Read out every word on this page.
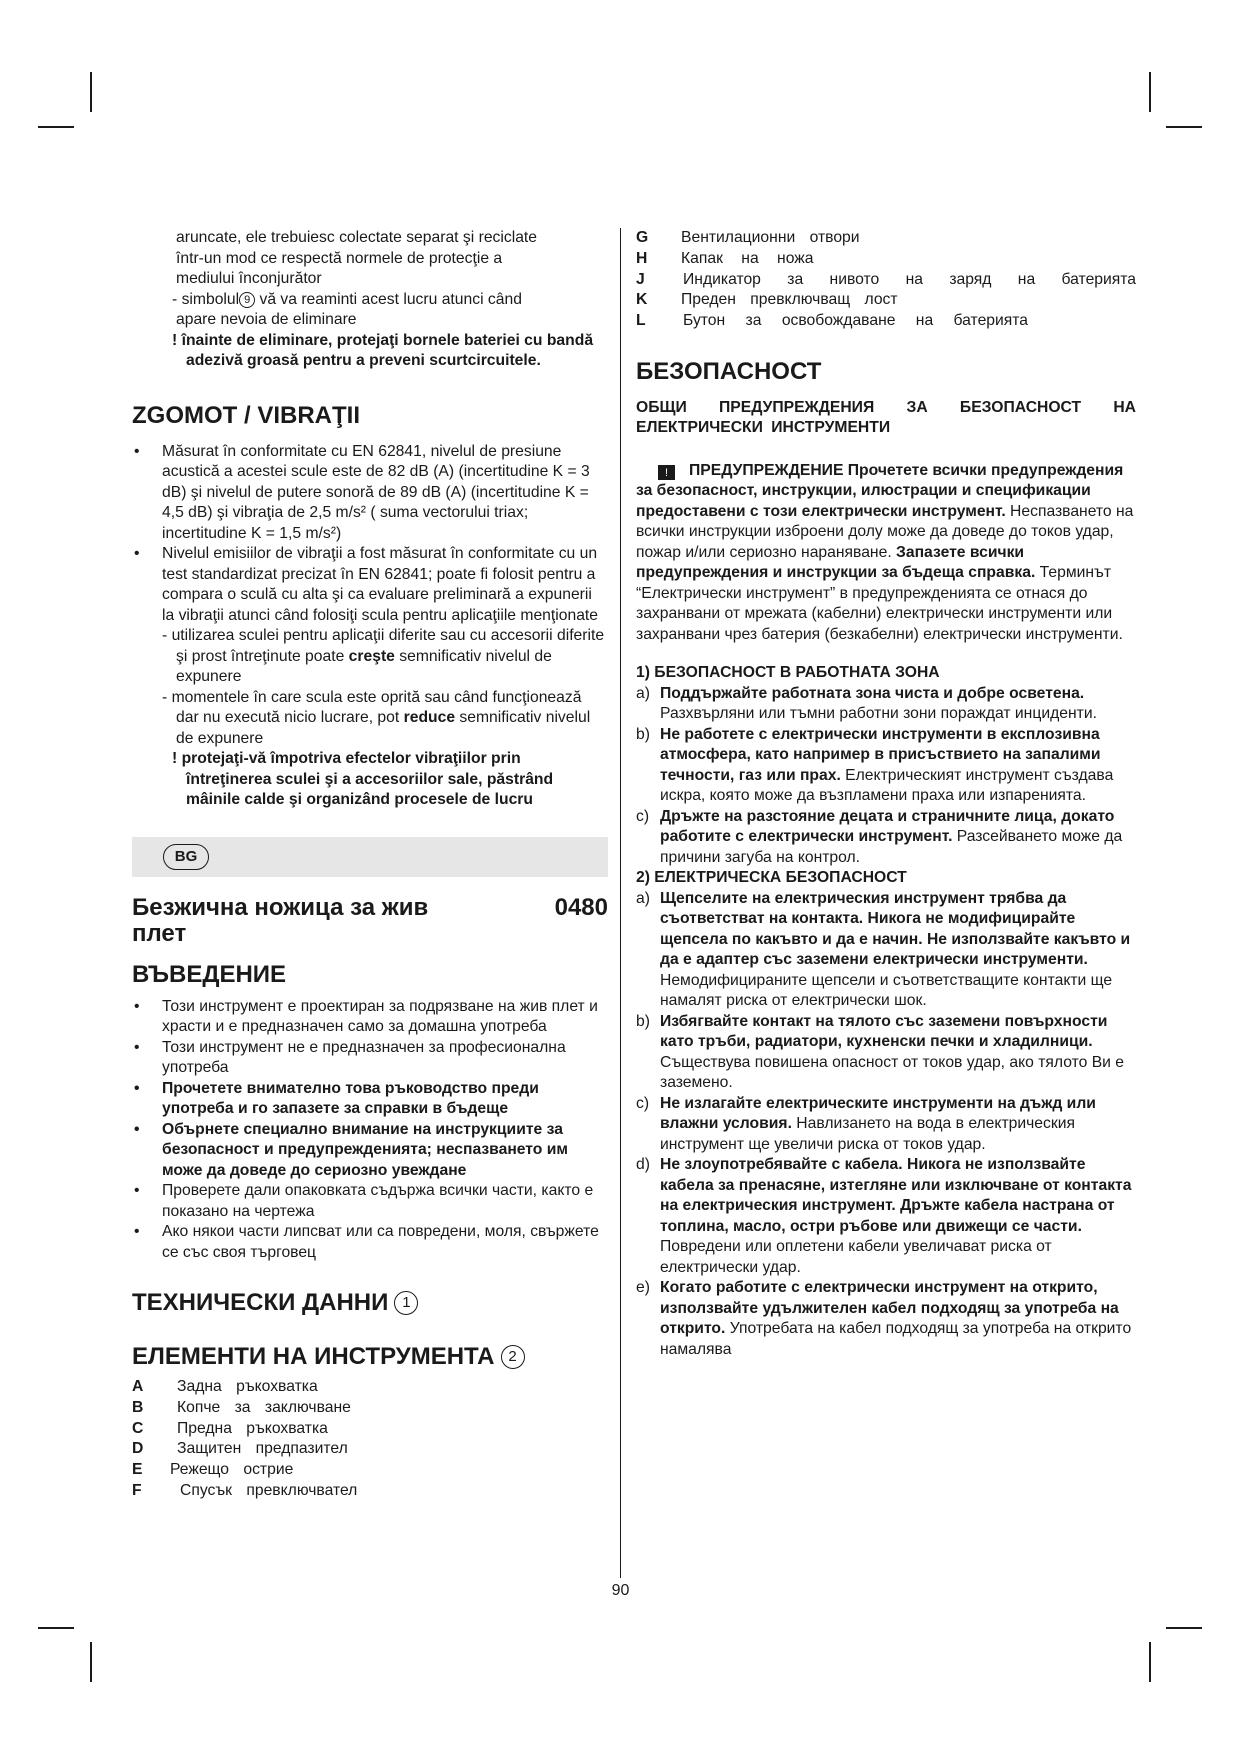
aruncate, ele trebuiesc colectate separat şi reciclate

într-un mod ce respectă normele de protecţie a

mediului înconjurător

- simbolul 9 vă va reaminti acest lucru atunci când

apare nevoia de eliminare

! înainte de eliminare, protejaţi bornele bateriei cu bandă adezivă groasă pentru a preveni scurtcircuitele.

ZGOMOT / VIBRAŢII

• Măsurat în conformitate cu EN 62841, nivelul de presiune acustică a acestei scule este de 82 dB (A) (incertitudine K = 3 dB) şi nivelul de putere sonoră de 89 dB (A) (incertitudine K = 4,5 dB) şi vibraţia de 2,5 m/s² ( suma vectorului triax; incertitudine K = 1,5 m/s²)

• Nivelul emisiilor de vibraţii a fost măsurat în conformitate cu un test standardizat precizat în EN 62841; poate fi folosit pentru a compara o sculă cu alta şi ca evaluare preliminară a expunerii la vibraţii atunci când folosiţi scula pentru aplicaţiile menţionate

- utilizarea sculei pentru aplicaţii diferite sau cu accesorii diferite şi prost întreţinute poate creşte semnificativ nivelul de expunere

- momentele în care scula este oprită sau când funcţionează dar nu execută nicio lucrare, pot reduce semnificativ nivelul de expunere

! protejaţi-vă împotriva efectelor vibraţiilor prin întreţinerea sculei şi a accesoriilor sale, păstrând mâinile calde şi organizând procesele de lucru

BG
Безжична ножица за жив плет
0480
ВЪВЕДЕНИЕ

• Този инструмент е проектиран за подрязване на жив плет и храсти и е предназначен само за домашна употреба

• Този инструмент не е предназначен за професионална употреба

• Прочетете внимателно това ръководство преди употреба и го запазете за справки в бъдеще

• Обърнете специално внимание на инструкциите за безопасност и предупрежденията; неспазването им може да доведе до сериозно увеждане

• Проверете дали опаковката съдържа всички части, както е показано на чертежа

• Ако някои части липсват или са повредени, моля, свържете се със своя търговец

ТЕХНИЧЕСКИ ДАННИ 1
ЕЛЕМЕНТИ НА ИНСТРУМЕНТА 2
A	Задна ръкохватка
B	Копче за заключване
C	Предна ръкохватка
D	Защитен предпазител
E	Режещо острие
F	Спусък превключвател
G	Вентилационни отвори
H	Капак на ножа
J	Индикатор за нивото на заряд на батерията
K	Преден превключващ лост
L	Бутон за освобождаване на батерията
БЕЗОПАСНОСТ

ОБЩИ ПРЕДУПРЕЖДЕНИЯ ЗА БЕЗОПАСНОСТ НА ЕЛЕКТРИЧЕСКИ ИНСТРУМЕНТИ

! ПРЕДУПРЕЖДЕНИЕ Прочетете всички предупреждения за безопасност, инструкции, илюстрации и спецификации предоставени с този електрически инструмент. Неспазването на всички инструкции изброени долу може да доведе до токов удар, пожар и/или сериозно нараняване. Запазете всички предупреждения и инструкции за бъдеща справка. Терминът “Електрически инструмент” в предупрежденията се отнася до захранвани от мрежата (кабелни) електрически инструменти или захранвани чрез батерия (безкабелни) електрически инструменти.

1) БЕЗОПАСНОСТ В РАБОТНАТА ЗОНА

a) Поддържайте работната зона чиста и добре осветена. Разхвърляни или тъмни работни зони пораждат инциденти.
b) Не работете с електрически инструменти в експлозивна атмосфера, като например в присъствието на запалими течности, газ или прах. Електрическият инструмент създава искра, която може да възпламени праха или изпаренията.
c) Дръжте на разстояние децата и страничните лица, докато работите с електрически инструмент. Разсейването може да причини загуба на контрол.

2) ЕЛЕКТРИЧЕСКА БЕЗОПАСНОСТ

a) Щепселите на електрическия инструмент трябва да съответстват на контакта. Никога не модифицирайте щепсела по какъвто и да е начин. Не използвайте какъвто и да е адаптер със заземени електрически инструменти. Немодифицираните щепсели и съответстващите контакти ще намалят риска от електрически шок.
b) Избягвайте контакт на тялото със заземени повърхности като тръби, радиатори, кухненски печки и хладилници. Съществува повишена опасност от токов удар, ако тялото Ви е заземено.
c) Не излагайте електрическите инструменти на дъжд или влажни условия. Навлизането на вода в електрическия инструмент ще увеличи риска от токов удар.
d) Не злоупотребявайте с кабела. Никога не използвайте кабела за пренасяне, изтегляне или изключване от контакта на електрическия инструмент. Дръжте кабела настрана от топлина, масло, остри ръбове или движещи се части. Повредени или оплетени кабели увеличават риска от електрически удар.
e) Когато работите с електрически инструмент на открито, използвайте удължителен кабел подходящ за употреба на открито. Употребата на кабел подходящ за употреба на открито намалява
90
